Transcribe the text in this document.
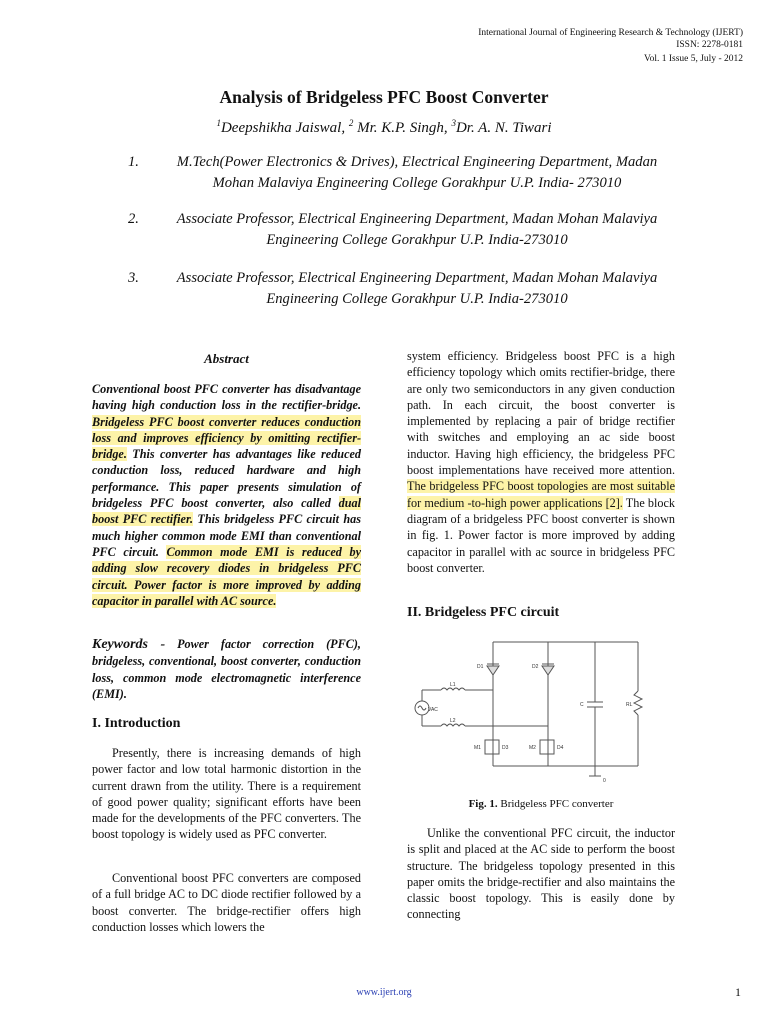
International Journal of Engineering Research & Technology (IJERT)
ISSN: 2278-0181
Vol. 1 Issue 5, July - 2012
Analysis of Bridgeless PFC Boost Converter
$^1$Deepshikha Jaiswal, $^2$ Mr. K.P. Singh, $^3$Dr. A. N. Tiwari
1.	M.Tech(Power Electronics & Drives), Electrical Engineering Department, Madan
Mohan Malaviya Engineering College Gorakhpur U.P. India- 273010
2.	Associate Professor, Electrical Engineering Department, Madan Mohan Malaviya
Engineering College Gorakhpur U.P. India-273010
3.	Associate Professor, Electrical Engineering Department, Madan Mohan Malaviya
Engineering College Gorakhpur U.P. India-273010
Abstract
Conventional boost PFC converter has disadvantage having high conduction loss in the rectifier-bridge. Bridgeless PFC boost converter reduces conduction loss and improves efficiency by omitting rectifier-bridge. This converter has advantages like reduced conduction loss, reduced hardware and high performance. This paper presents simulation of bridgeless PFC boost converter, also called dual boost PFC rectifier. This bridgeless PFC circuit has much higher common mode EMI than conventional PFC circuit. Common mode EMI is reduced by adding slow recovery diodes in bridgeless PFC circuit. Power factor is more improved by adding capacitor in parallel with AC source.
Keywords - Power factor correction (PFC), bridgeless, conventional, boost converter, conduction loss, common mode electromagnetic interference (EMI).
I. Introduction
Presently, there is increasing demands of high power factor and low total harmonic distortion in the current drawn from the utility. There is a requirement of good power quality; significant efforts have been made for the developments of the PFC converters. The boost topology is widely used as PFC converter.
Conventional boost PFC converters are composed of a full bridge AC to DC diode rectifier followed by a boost converter. The bridge-rectifier offers high conduction losses which lowers the
system efficiency. Bridgeless boost PFC is a high efficiency topology which omits rectifier-bridge, there are only two semiconductors in any given conduction path. In each circuit, the boost converter is implemented by replacing a pair of bridge rectifier with switches and employing an ac side boost inductor. Having high efficiency, the bridgeless PFC boost implementations have received more attention. The bridgeless PFC boost topologies are most suitable for medium -to-high power applications [2]. The block diagram of a bridgeless PFC boost converter is shown in fig. 1. Power factor is more improved by adding capacitor in parallel with ac source in bridgeless PFC boost converter.
II. Bridgeless PFC circuit
D1	D2
D3	D4
L1
L2
C	RL
VAC
M1	M2
0
Fig. 1. Bridgeless PFC converter
Unlike the conventional PFC circuit, the inductor is split and placed at the AC side to perform the boost structure. The bridgeless topology presented in this paper omits the bridge-rectifier and also maintains the classic boost topology. This is easily done by connecting
www.ijert.org	1
